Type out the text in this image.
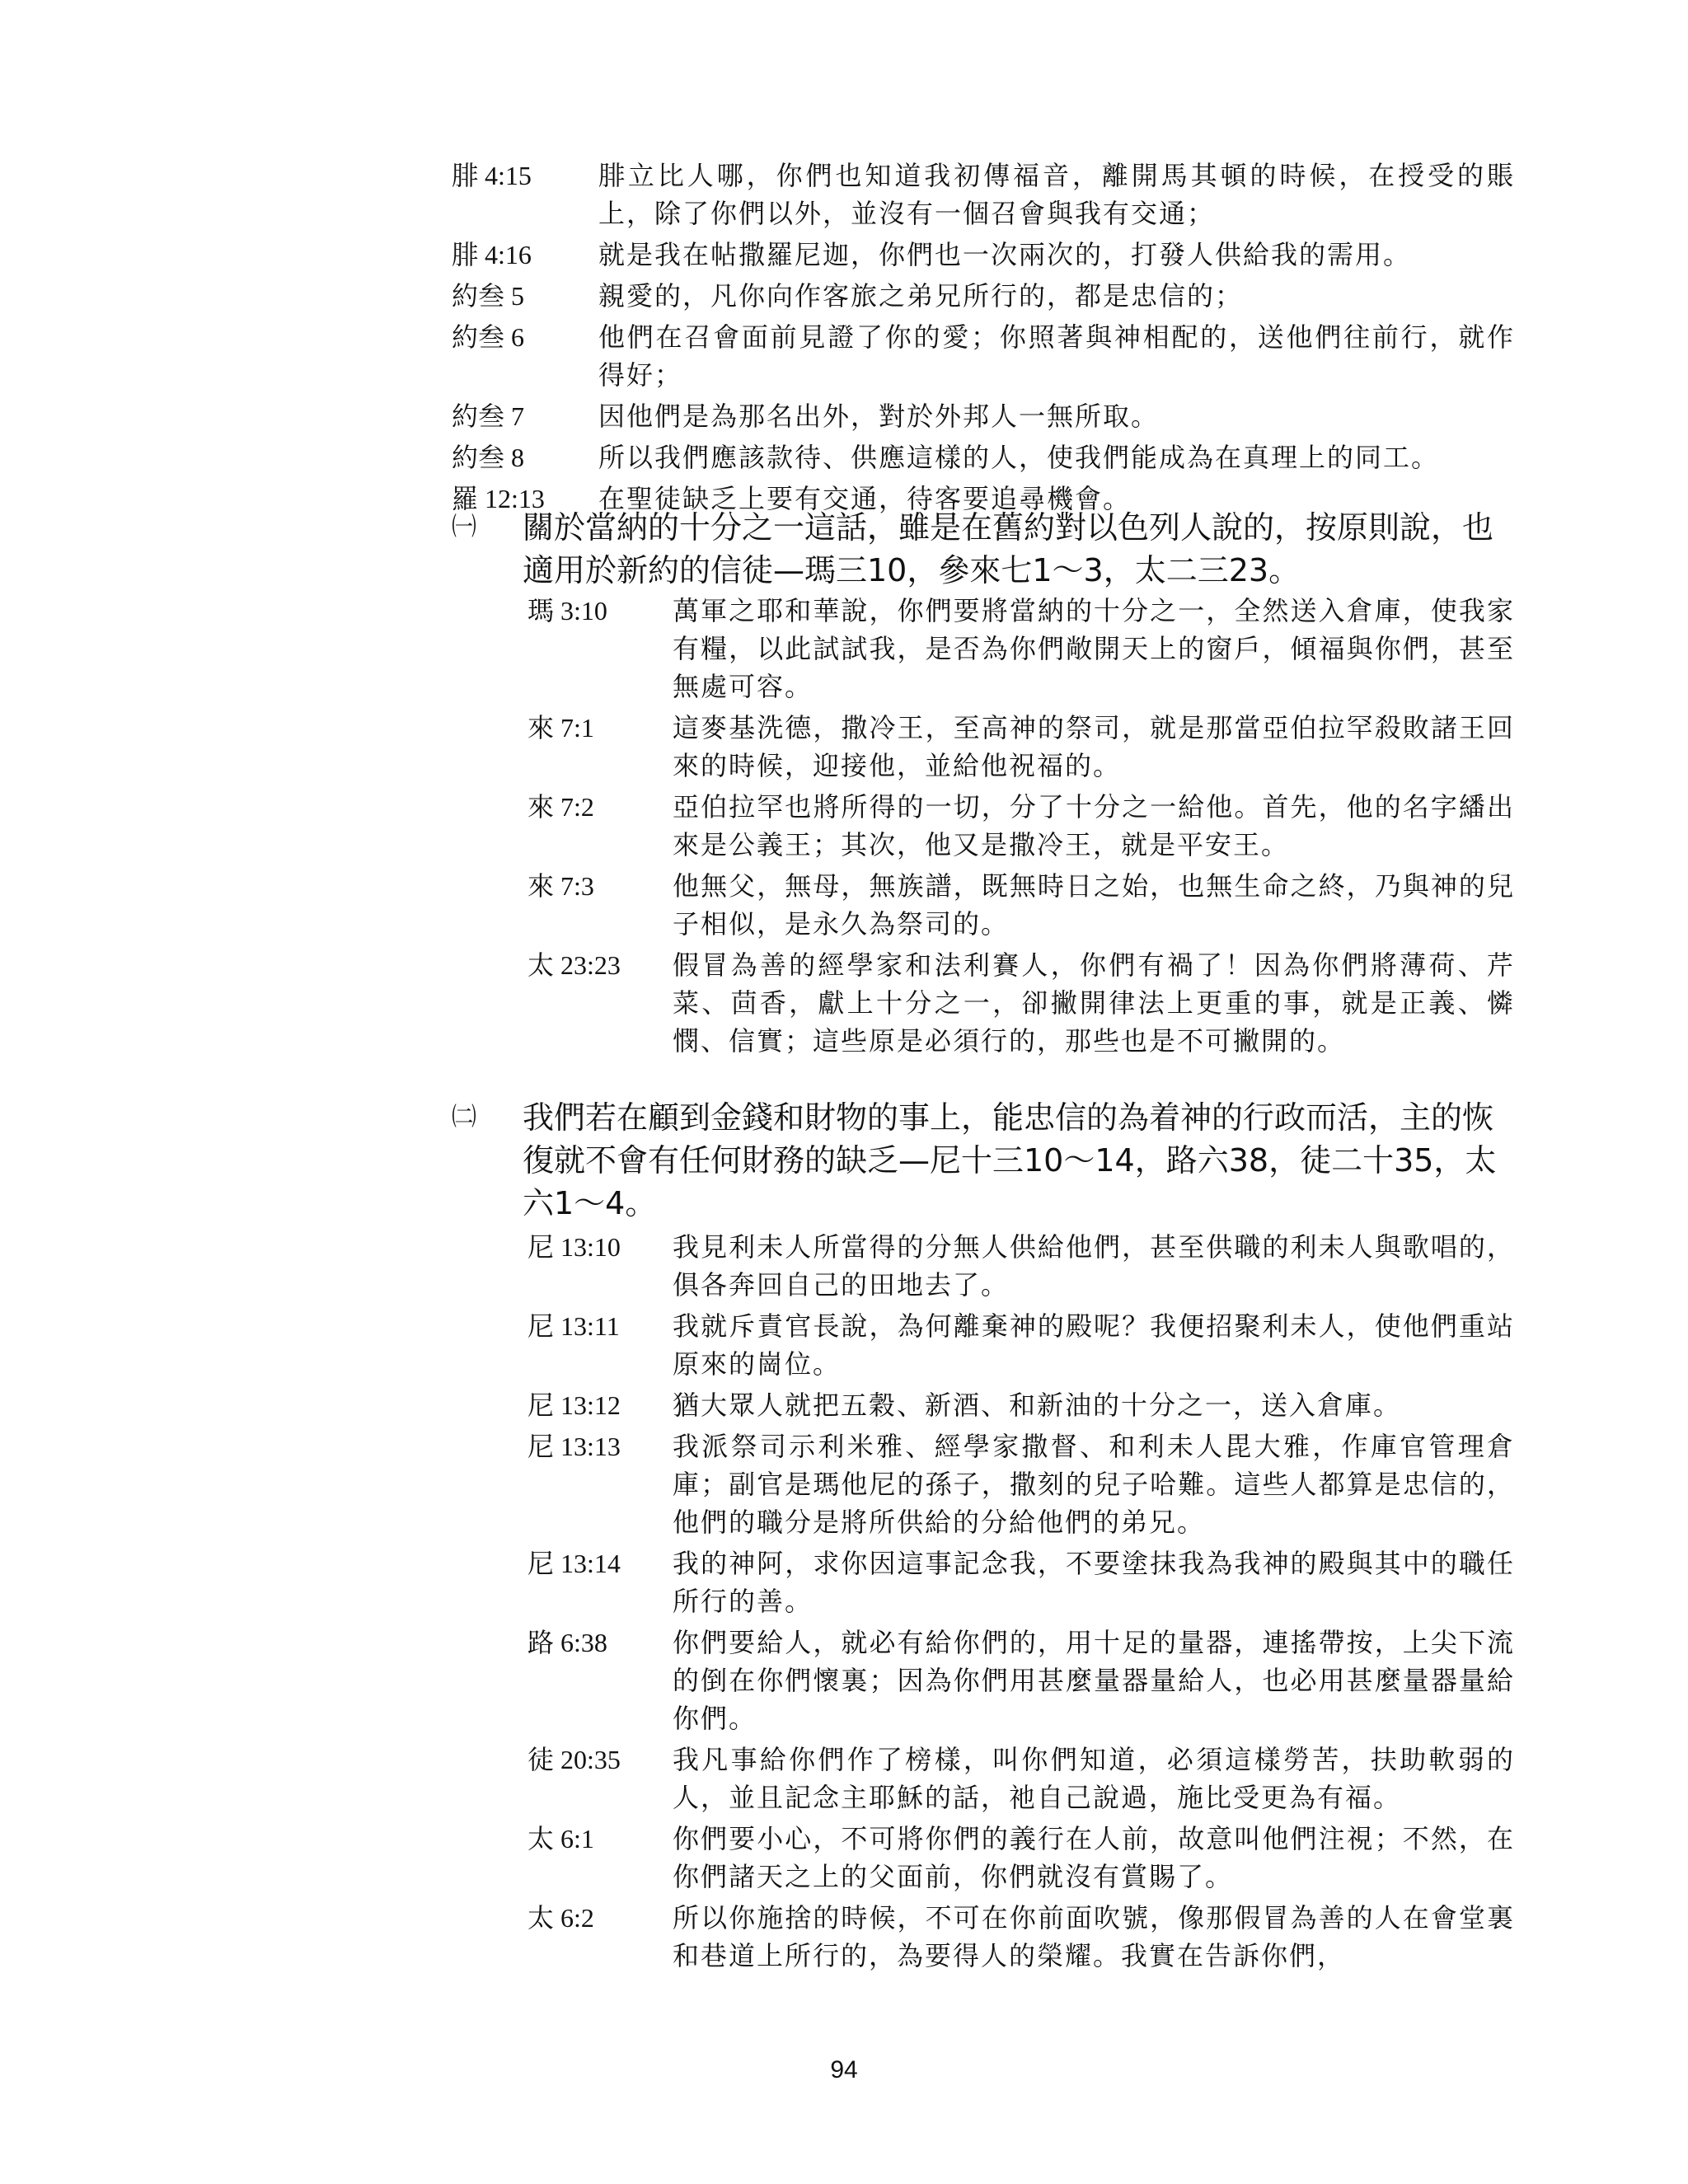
腓 4:15	腓立比人哪，你們也知道我初傳福音，離開馬其頓的時候，在授受的賬上，除了你們以外，並沒有一個召會與我有交通；
腓 4:16	就是我在帖撒羅尼迦，你們也一次兩次的，打發人供給我的需用。
約叁 5	親愛的，凡你向作客旅之弟兄所行的，都是忠信的；
約叁 6	他們在召會面前見證了你的愛；你照著與神相配的，送他們往前行，就作得好；
約叁 7	因他們是為那名出外，對於外邦人一無所取。
約叁 8	所以我們應該款待、供應這樣的人，使我們能成為在真理上的同工。
羅 12:13	在聖徒缺乏上要有交通，待客要追尋機會。
㈠	關於當納的十分之一這話，雖是在舊約對以色列人說的，按原則說，也適用於新約的信徒—瑪三10，參來七1～3，太二三23。
瑪 3:10	萬軍之耶和華說，你們要將當納的十分之一，全然送入倉庫，使我家有糧，以此試試我，是否為你們敞開天上的窗戶，傾福與你們，甚至無處可容。
來 7:1	這麥基洗德，撒冷王，至高神的祭司，就是那當亞伯拉罕殺敗諸王回來的時候，迎接他，並給他祝福的。
來 7:2	亞伯拉罕也將所得的一切，分了十分之一給他。首先，他的名字繙出來是公義王；其次，他又是撒冷王，就是平安王。
來 7:3	他無父，無母，無族譜，既無時日之始，也無生命之終，乃與神的兒子相似，是永久為祭司的。
太 23:23	假冒為善的經學家和法利賽人，你們有禍了！因為你們將薄荷、芹菜、茴香，獻上十分之一，卻撇開律法上更重的事，就是正義、憐憫、信實；這些原是必須行的，那些也是不可撇開的。
㈡	我們若在顧到金錢和財物的事上，能忠信的為着神的行政而活，主的恢復就不會有任何財務的缺乏—尼十三10～14，路六38，徒二十35，太六1～4。
尼 13:10	我見利未人所當得的分無人供給他們，甚至供職的利未人與歌唱的，俱各奔回自己的田地去了。
尼 13:11	我就斥責官長說，為何離棄神的殿呢？我便招聚利未人，使他們重站原來的崗位。
尼 13:12	猶大眾人就把五穀、新酒、和新油的十分之一，送入倉庫。
尼 13:13	我派祭司示利米雅、經學家撒督、和利未人毘大雅，作庫官管理倉庫；副官是瑪他尼的孫子，撒刻的兒子哈難。這些人都算是忠信的，他們的職分是將所供給的分給他們的弟兄。
尼 13:14	我的神阿，求你因這事記念我，不要塗抹我為我神的殿與其中的職任所行的善。
路 6:38	你們要給人，就必有給你們的，用十足的量器，連搖帶按，上尖下流的倒在你們懷裏；因為你們用甚麼量器量給人，也必用甚麼量器量給你們。
徒 20:35	我凡事給你們作了榜樣，叫你們知道，必須這樣勞苦，扶助軟弱的人，並且記念主耶穌的話，祂自己說過，施比受更為有福。
太 6:1	你們要小心，不可將你們的義行在人前，故意叫他們注視；不然，在你們諸天之上的父面前，你們就沒有賞賜了。
太 6:2	所以你施捨的時候，不可在你前面吹號，像那假冒為善的人在會堂裏和巷道上所行的，為要得人的榮耀。我實在告訴你們，
94
